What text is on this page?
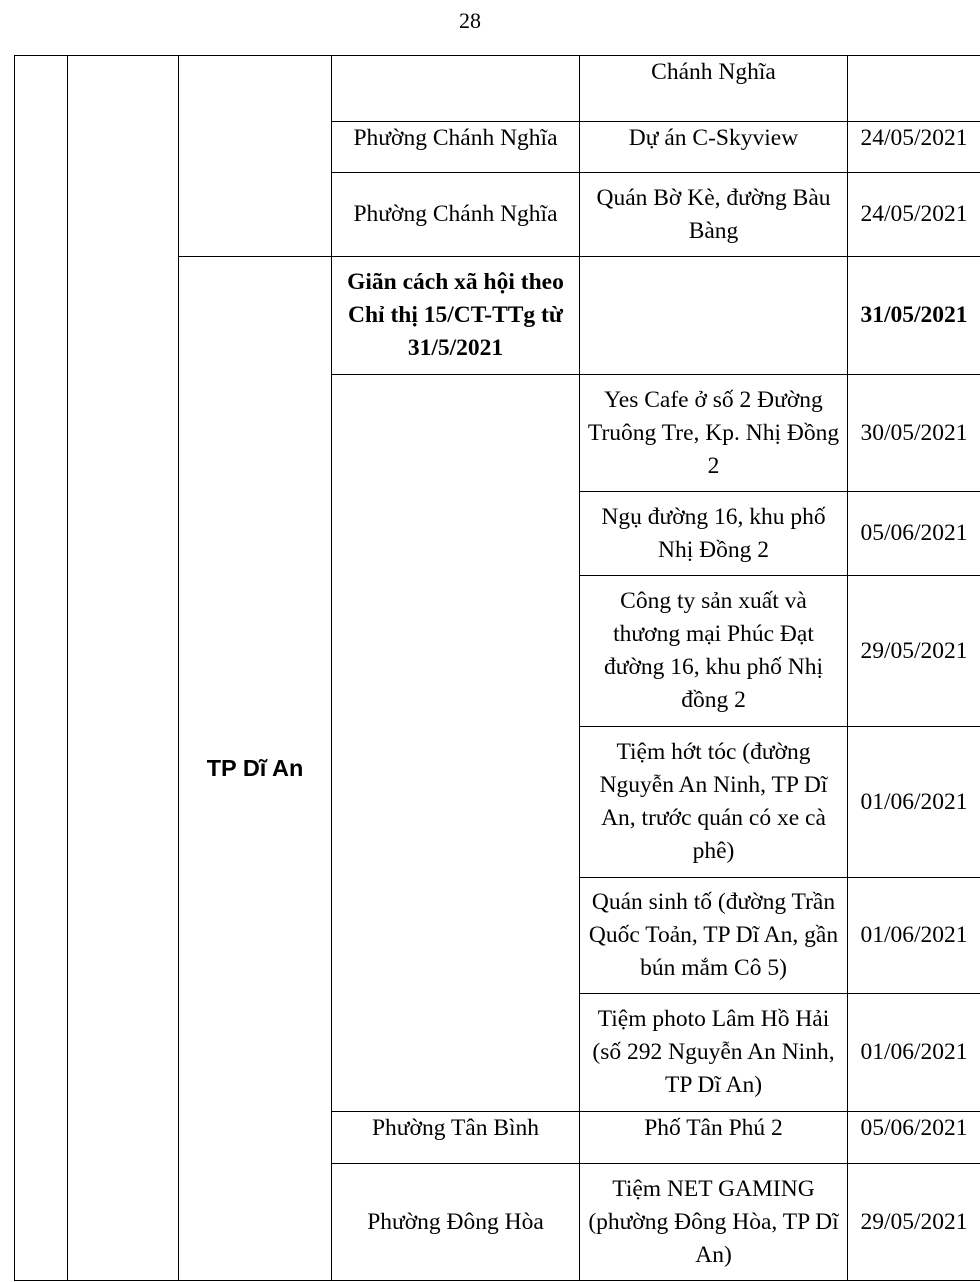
28
				Chánh Nghĩa	
			Phường Chánh Nghĩa	Dự án C-Skyview	24/05/2021
			Phường Chánh Nghĩa	Quán Bờ Kè, đường Bàu Bàng	24/05/2021
		TP Dĩ An	Giãn cách xã hội theo Chỉ thị 15/CT-TTg từ 31/5/2021		31/05/2021
				Yes Cafe ở số 2 Đường Truông Tre, Kp. Nhị Đồng 2	30/05/2021
				Ngụ đường 16, khu phố Nhị Đồng 2	05/06/2021
				Công ty sản xuất và thương mại Phúc Đạt đường 16, khu phố Nhị đồng 2	29/05/2021
				Tiệm hớt tóc (đường Nguyễn An Ninh, TP Dĩ An, trước quán có xe cà phê)	01/06/2021
				Quán sinh tố (đường Trần Quốc Toản, TP Dĩ An, gần bún mắm Cô 5)	01/06/2021
				Tiệm photo Lâm Hồ Hải (số 292 Nguyễn An Ninh, TP Dĩ An)	01/06/2021
			Phường Tân Bình	Phố Tân Phú 2	05/06/2021
			Phường Đông Hòa	Tiệm NET GAMING (phường Đông Hòa, TP Dĩ An)	29/05/2021
